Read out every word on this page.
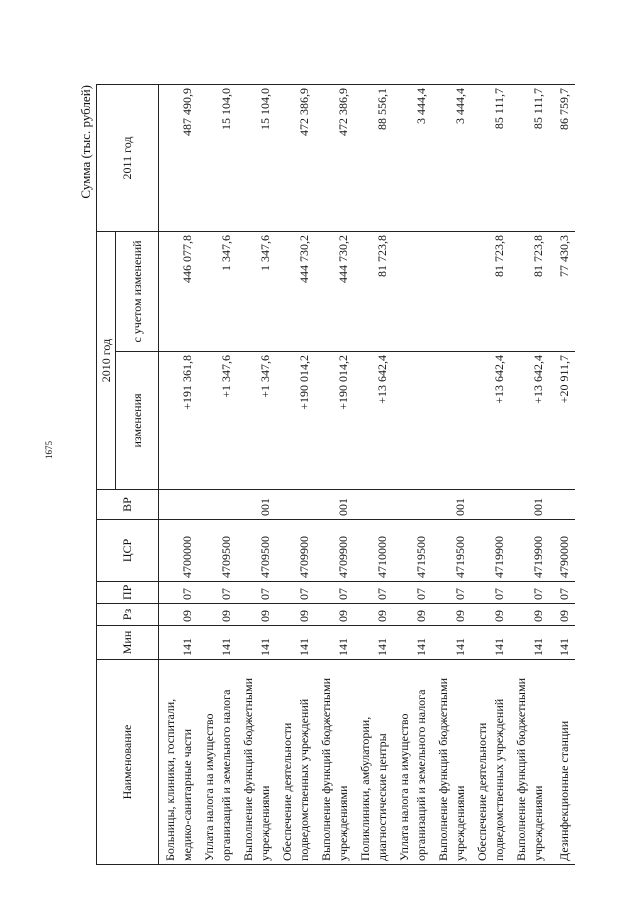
1675
Сумма (тыс. рублей)
Наименование	Мин	Рз	ПР	ЦСР	ВР	2010 год		2011 год
						изменения	с учетом изменений	
Больницы, клиники, госпитали, медико-санитарные части	141	09	07	4700000		+191 361,8	446 077,8	487 490,9
Уплата налога на имущество организаций и земельного налога	141	09	07	4709500		+1 347,6	1 347,6	15 104,0
Выполнение функций бюджетными учреждениями	141	09	07	4709500	001	+1 347,6	1 347,6	15 104,0
Обеспечение деятельности подведомственных учреждений	141	09	07	4709900		+190 014,2	444 730,2	472 386,9
Выполнение функций бюджетными учреждениями	141	09	07	4709900	001	+190 014,2	444 730,2	472 386,9
Поликлиники, амбулатории, диагностические центры	141	09	07	4710000		+13 642,4	81 723,8	88 556,1
Уплата налога на имущество организаций и земельного налога	141	09	07	4719500				3 444,4
Выполнение функций бюджетными учреждениями	141	09	07	4719500	001			3 444,4
Обеспечение деятельности подведомственных учреждений	141	09	07	4719900		+13 642,4	81 723,8	85 111,7
Выполнение функций бюджетными учреждениями	141	09	07	4719900	001	+13 642,4	81 723,8	85 111,7
Дезинфекционные станции	141	09	07	4790000		+20 911,7	77 430,3	86 759,7
